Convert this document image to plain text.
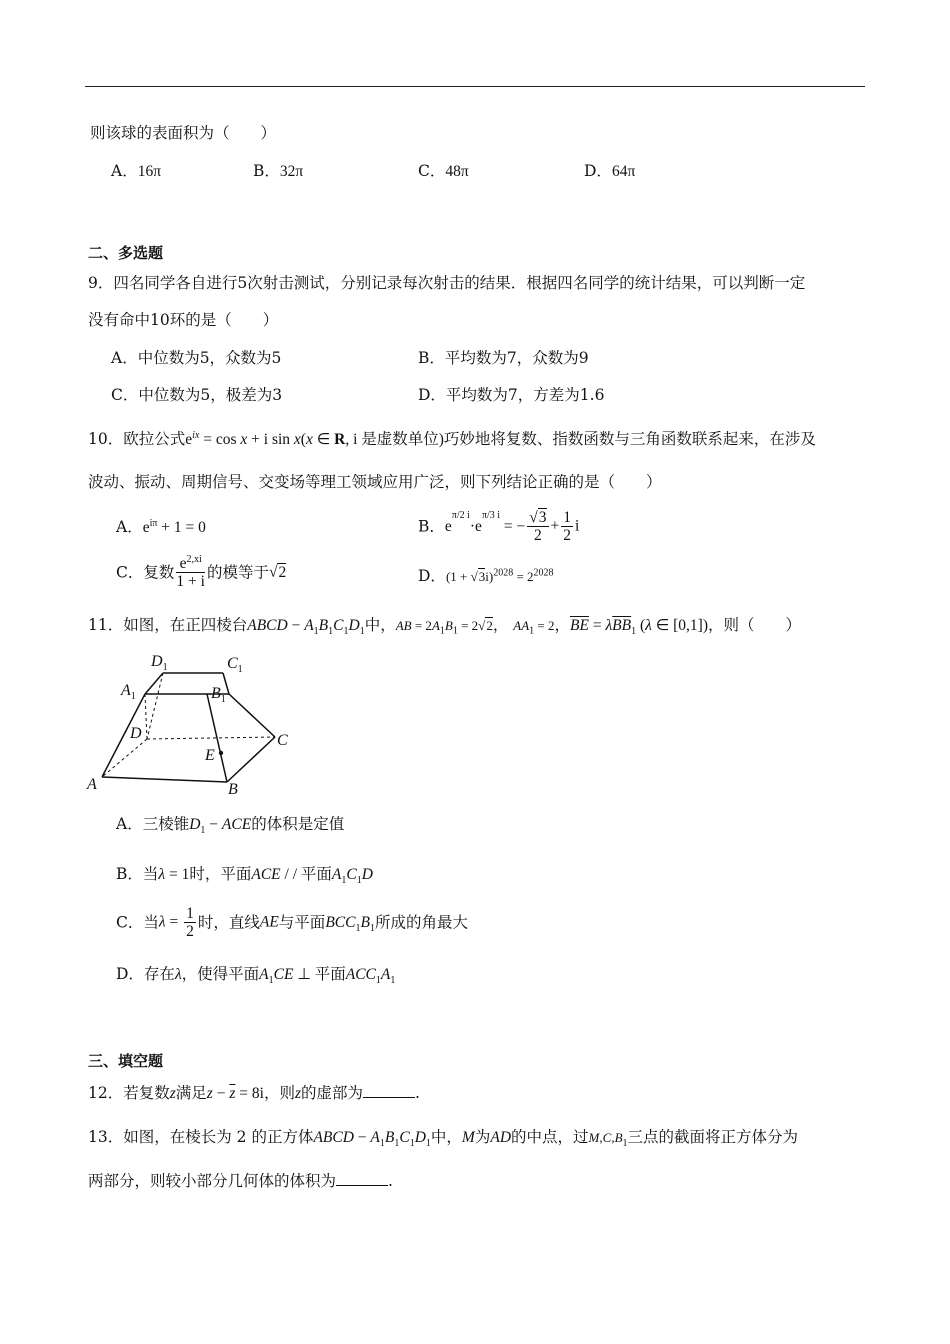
则该球的表面积为（　　）
A．16π	B．32π	C．48π	D．64π
二、多选题
9．四名同学各自进行5次射击测试，分别记录每次射击的结果．根据四名同学的统计结果，可以判断一定
没有命中10环的是（　　）
A．中位数为5，众数为5	B．平均数为7，众数为9
C．中位数为5，极差为3	D．平均数为7，方差为1.6
10．欧拉公式$e^{ix} = \cos x + i$ sin x(x ∈ R, i 是虚数单位)巧妙地将复数、指数函数与三角函数联系起来，在涉及
波动、振动、周期信号、交变场等理工领域应用广泛，则下列结论正确的是（　　）
A．$e^{i\pi} + 1 = 0$	B．$e^{\pi/2 i}\cdot e^{\pi/3 i}$ = − $\frac{√3}{2} + \frac{1}{2}$ i
C．复数 $\frac{e^{2,xi}}{1 + i}$ 的模等于√2	D．$(1 + √3i)^{2028} = 2^{2028}$
11．如图，在正四棱台ABCD − $A_1B_1C_1D_1$中，AB = $2A_1B_1 = 2√2$， $AA_1 = 2$，$\overline{BE} = \lambda\overline{BB}_1$ (λ ∈ [0,1])，则（　　）
$D_1$	$C_1$
$A_1$	$B_1$
D	C
E
A	B
A．三棱锥$D_1$ − ACE的体积是定值
B．当λ = 1时，平面ACE / / 平面$A_1C_1D$
C．当$\lambda = \frac{1}{2}$ 时，直线AE与平面$BCC_1B_1$所成的角最大
D．存在λ，使得平面$A_1CE$ ⊥ 平面$ACC_1A_1$
三、填空题
12．若复数z满足$z - \overline{z} = 8i$，则z的虚部为	.
13．如图，在棱长为 2 的正方体ABCD − $A_1B_1C_1D_1$中，M为AD的中点，过$M,C,B_1$三点的截面将正方体分为
两部分，则较小部分几何体的体积为	.
